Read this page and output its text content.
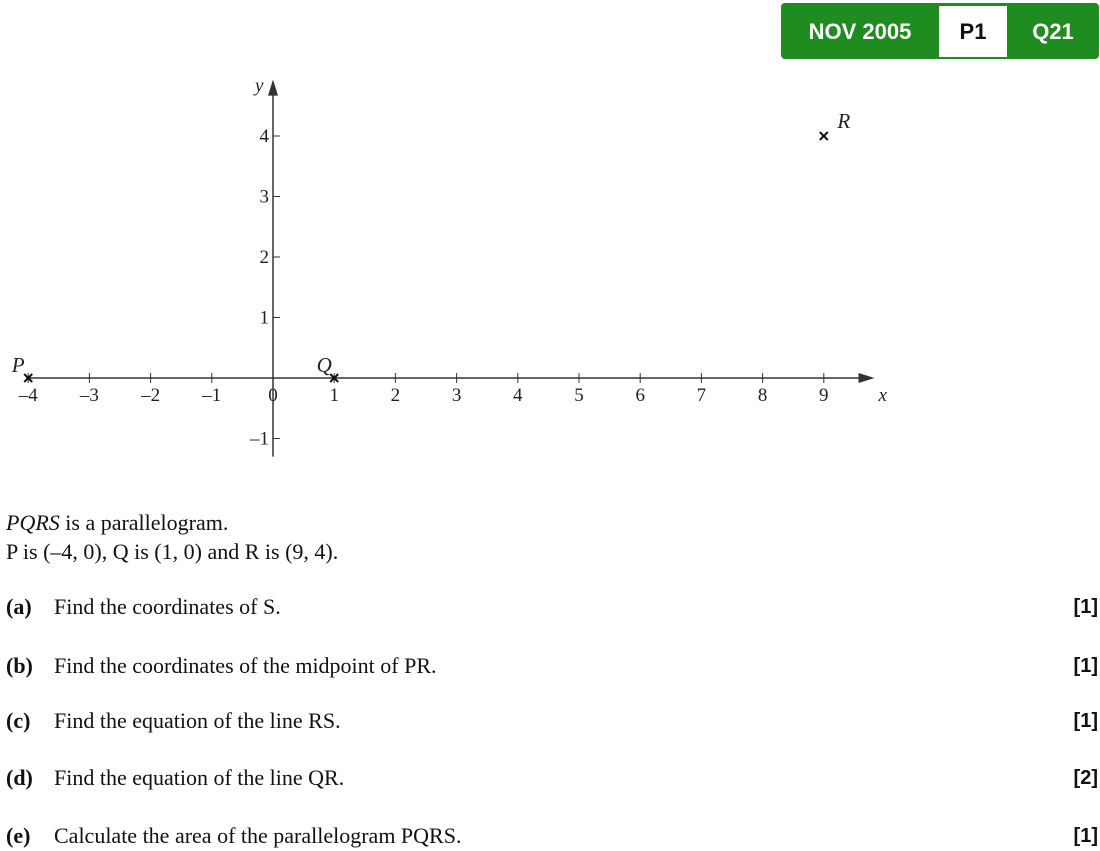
NOV 2005	P1	Q21
x
y
–4 –3 –2 –1 0	1	2	3	4	5	6	7	8	9
4
3
2
1
–1
P	Q
R
PQRS is a parallelogram.
P is (–4, 0), Q is (1, 0) and R is (9, 4).
(a) Find the coordinates of S.	[1]
(b) Find the coordinates of the midpoint of PR.	[1]
(c) Find the equation of the line RS.	[1]
(d) Find the equation of the line QR.	[2]
(e) Calculate the area of the parallelogram PQRS.	[1]
